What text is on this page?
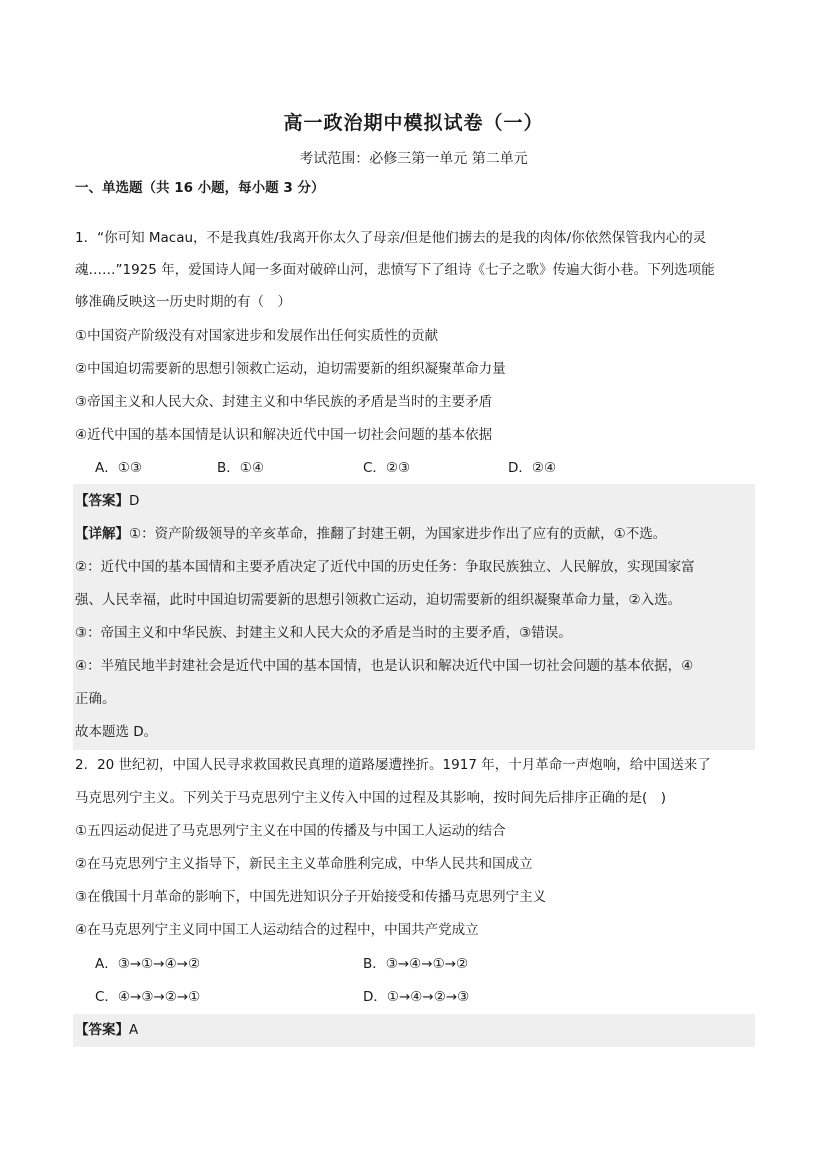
高一政治期中模拟试卷（一）
考试范围：必修三第一单元 第二单元
一、单选题（共 16 小题，每小题 3 分）
1．“你可知 Macau，不是我真姓/我离开你太久了母亲/但是他们掳去的是我的肉体/你依然保管我内心的灵
魂……”1925 年，爱国诗人闻一多面对破碎山河，悲愤写下了组诗《七子之歌》传遍大街小巷。下列选项能
够准确反映这一历史时期的有（　）
①中国资产阶级没有对国家进步和发展作出任何实质性的贡献
②中国迫切需要新的思想引领救亡运动，迫切需要新的组织凝聚革命力量
③帝国主义和人民大众、封建主义和中华民族的矛盾是当时的主要矛盾
④近代中国的基本国情是认识和解决近代中国一切社会问题的基本依据
A．①③	B．①④	C．②③	D．②④
【答案】D
【详解】①：资产阶级领导的辛亥革命，推翻了封建王朝，为国家进步作出了应有的贡献，①不选。
②：近代中国的基本国情和主要矛盾决定了近代中国的历史任务：争取民族独立、人民解放，实现国家富
强、人民幸福，此时中国迫切需要新的思想引领救亡运动，迫切需要新的组织凝聚革命力量，②入选。
③：帝国主义和中华民族、封建主义和人民大众的矛盾是当时的主要矛盾，③错误。
④：半殖民地半封建社会是近代中国的基本国情，也是认识和解决近代中国一切社会问题的基本依据，④
正确。
故本题选 D。
2．20 世纪初，中国人民寻求救国救民真理的道路屡遭挫折。1917 年，十月革命一声炮响，给中国送来了
马克思列宁主义。下列关于马克思列宁主义传入中国的过程及其影响，按时间先后排序正确的是(　)
①五四运动促进了马克思列宁主义在中国的传播及与中国工人运动的结合
②在马克思列宁主义指导下，新民主主义革命胜利完成，中华人民共和国成立
③在俄国十月革命的影响下，中国先进知识分子开始接受和传播马克思列宁主义
④在马克思列宁主义同中国工人运动结合的过程中，中国共产党成立
A．③→①→④→②	B．③→④→①→②
C．④→③→②→①	D．①→④→②→③
【答案】A
